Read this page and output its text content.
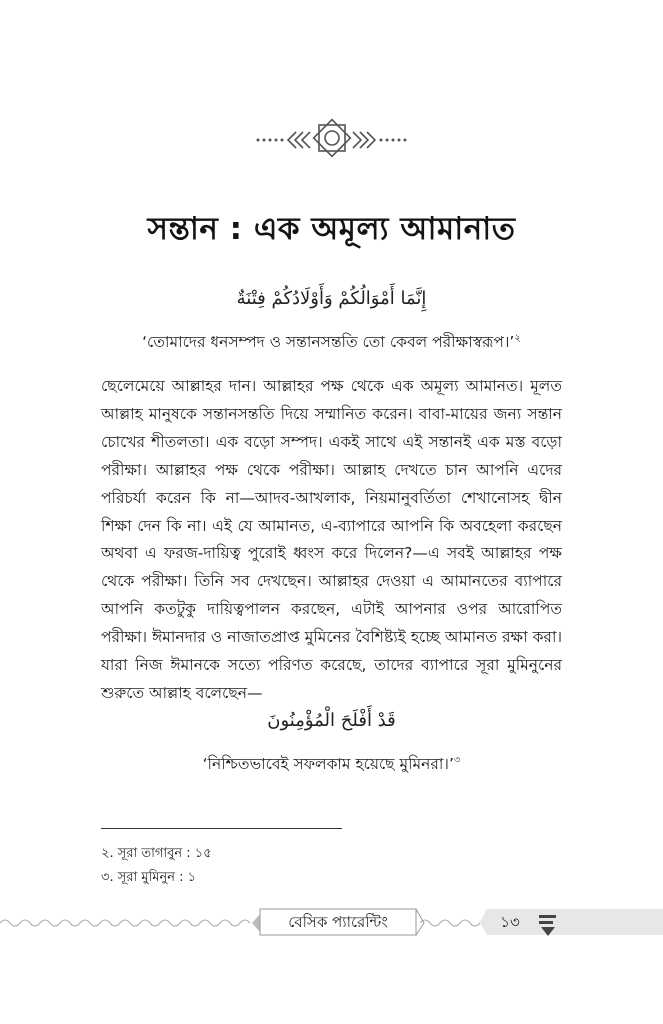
সন্তান : এক অমূল্য আমানাত
إِنَّمَا أَمْوَالُكُمْ وَأَوْلَادُكُمْ فِتْنَةٌ
‘তোমাদের ধনসম্পদ ও সন্তানসন্ততি তো কেবল পরীক্ষাস্বরূপ।’$^২$
ছেলেমেয়ে আল্লাহর দান। আল্লাহর পক্ষ থেকে এক অমূল্য আমানত। মূলত আল্লাহ মানুষকে সন্তানসন্ততি দিয়ে সম্মানিত করেন। বাবা-মায়ের জন্য সন্তান চোখের শীতলতা। এক বড়ো সম্পদ। একই সাথে এই সন্তানই এক মস্ত বড়ো পরীক্ষা। আল্লাহর পক্ষ থেকে পরীক্ষা। আল্লাহ দেখতে চান আপনি এদের পরিচর্যা করেন কি না—আদব-আখলাক, নিয়মানুবর্তিতা শেখানোসহ দ্বীন শিক্ষা দেন কি না। এই যে আমানত, এ-ব্যাপারে আপনি কি অবহেলা করছেন অথবা এ ফরজ-দায়িত্ব পুরোই ধ্বংস করে দিলেন?—এ সবই আল্লাহর পক্ষ থেকে পরীক্ষা। তিনি সব দেখছেন। আল্লাহর দেওয়া এ আমানতের ব্যাপারে আপনি কতটুকু দায়িত্বপালন করছেন, এটাই আপনার ওপর আরোপিত পরীক্ষা। ঈমানদার ও নাজাতপ্রাপ্ত মুমিনের বৈশিষ্ট্যই হচ্ছে আমানত রক্ষা করা। যারা নিজ ঈমানকে সত্যে পরিণত করেছে, তাদের ব্যাপারে সূরা মুমিনুনের শুরুতে আল্লাহ বলেছেন—
قَدْ أَفْلَحَ الْمُؤْمِنُونَ
‘নিশ্চিতভাবেই সফলকাম হয়েছে মুমিনরা।’$^৩$
২. সূরা তাগাবুন : ১৫
৩. সূরা মুমিনুন : ১
বেসিক প্যারেন্টিং	১৩
